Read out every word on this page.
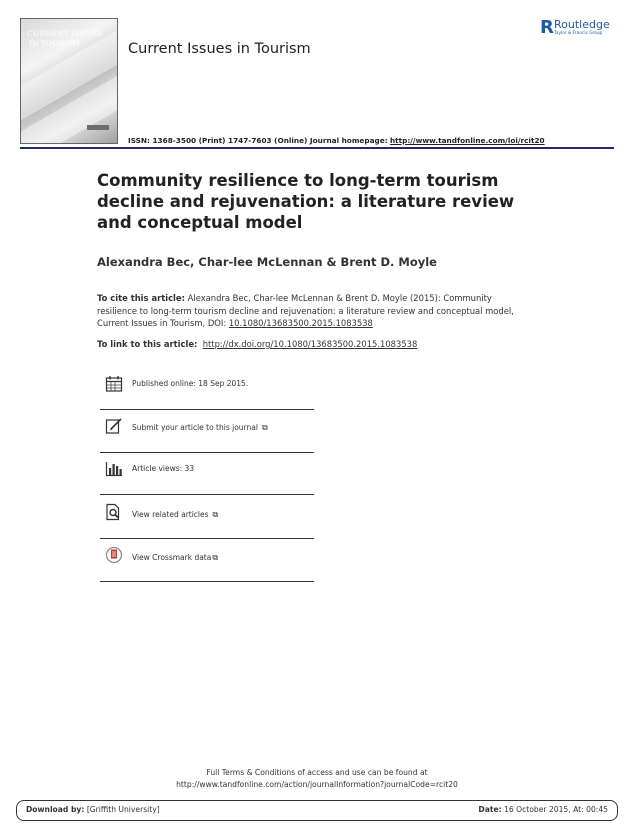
CURRENT ISSUES
IN TOURISM	Current Issues in Tourism
R Routledge
Taylor & Francis Group
ISSN: 1368-3500 (Print) 1747-7603 (Online) Journal homepage: http://www.tandfonline.com/loi/rcit20
Community resilience to long-term tourism decline and rejuvenation: a literature review and conceptual model
Alexandra Bec, Char-lee McLennan & Brent D. Moyle
To cite this article: Alexandra Bec, Char-lee McLennan & Brent D. Moyle (2015): Community resilience to long-term tourism decline and rejuvenation: a literature review and conceptual model, Current Issues in Tourism, DOI: 10.1080/13683500.2015.1083538
To link to this article: http://dx.doi.org/10.1080/13683500.2015.1083538
Published online: 18 Sep 2015.
Submit your article to this journal ⧉
Article views: 33
View related articles ⧉
View Crossmark data⧉
Full Terms & Conditions of access and use can be found at
http://www.tandfonline.com/action/journalInformation?journalCode=rcit20
Download by: [Griffith University]	Date: 16 October 2015, At: 00:45
